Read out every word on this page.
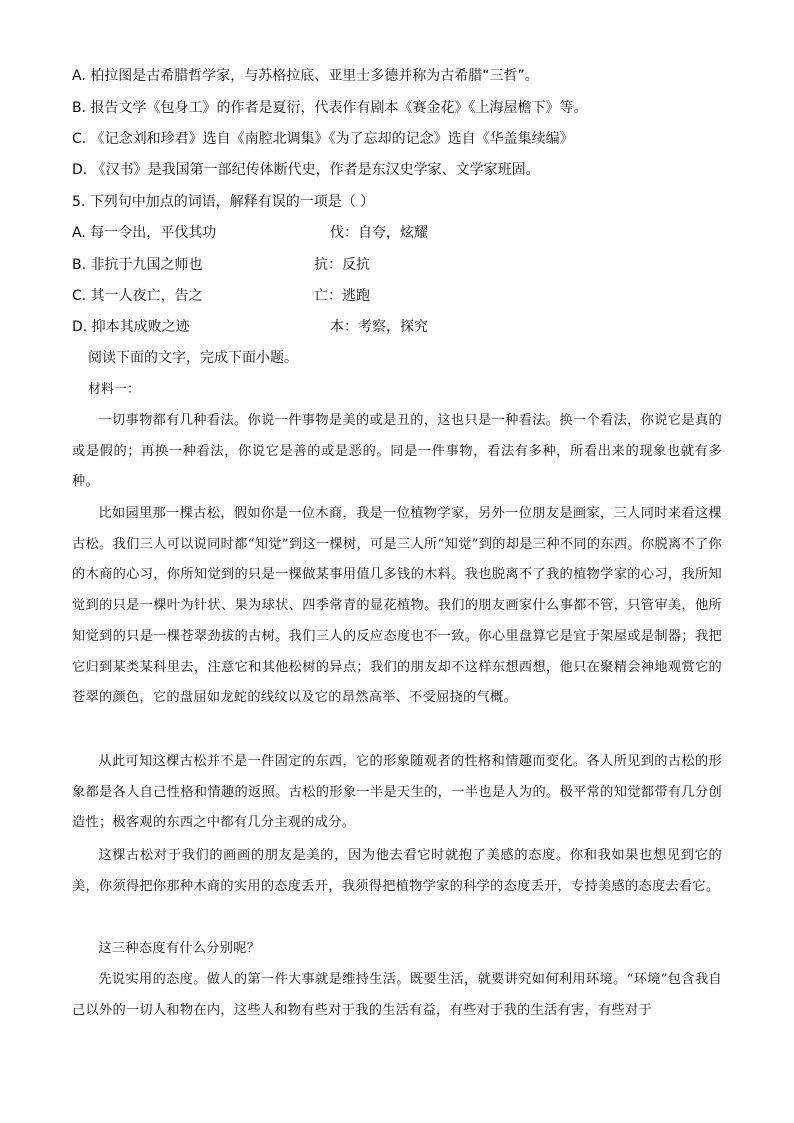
A. 柏拉图是古希腊哲学家，与苏格拉底、亚里士多德并称为古希腊“三哲”。
B. 报告文学《包身工》的作者是夏衍，代表作有剧本《赛金花》《上海屋檐下》等。
C. 《记念刘和珍君》选自《南腔北调集》《为了忘却的记念》选自《华盖集续编》
D. 《汉书》是我国第一部纪传体断代史，作者是东汉史学家、文学家班固。
5. 下列句中加点的词语，解释有误的一项是（ ）
A. 每一令出，平伐其功	伐：自夸，炫耀
B. 非抗于九国之师也	抗：反抗
C. 其一人夜亡，告之	亡：逃跑
D. 抑本其成败之迹	本：考察，探究
阅读下面的文字，完成下面小题。
材料一：
一切事物都有几种看法。你说一件事物是美的或是丑的，这也只是一种看法。换一个看法，你说它是真的或是假的；再换一种看法，你说它是善的或是恶的。同是一件事物，看法有多种，所看出来的现象也就有多种。
比如园里那一棵古松，假如你是一位木商，我是一位植物学家，另外一位朋友是画家，三人同时来看这棵古松。我们三人可以说同时都“知觉”到这一棵树，可是三人所“知觉”到的却是三种不同的东西。你脱离不了你的木商的心习，你所知觉到的只是一棵做某事用值几多钱的木料。我也脱离不了我的植物学家的心习，我所知觉到的只是一棵叶为针状、果为球状、四季常青的显花植物。我们的朋友画家什么事都不管，只管审美，他所知觉到的只是一棵苍翠劲拔的古树。我们三人的反应态度也不一致。你心里盘算它是宜于架屋或是制器；我把它归到某类某科里去，注意它和其他松树的异点；我们的朋友却不这样东想西想，他只在聚精会神地观赏它的苍翠的颜色，它的盘屈如龙蛇的线纹以及它的昂然高举、不受屈挠的气概。
从此可知这棵古松并不是一件固定的东西，它的形象随观者的性格和情趣而变化。各人所见到的古松的形象都是各人自己性格和情趣的返照。古松的形象一半是天生的，一半也是人为的。极平常的知觉都带有几分创造性；极客观的东西之中都有几分主观的成分。
这棵古松对于我们的画画的朋友是美的，因为他去看它时就抱了美感的态度。你和我如果也想见到它的美，你须得把你那种木商的实用的态度丢开，我须得把植物学家的科学的态度丢开，专持美感的态度去看它。
这三种态度有什么分别呢？
先说实用的态度。做人的第一件大事就是维持生活。既要生活，就要讲究如何利用环境。“环境”包含我自己以外的一切人和物在内，这些人和物有些对于我的生活有益，有些对于我的生活有害，有些对于
